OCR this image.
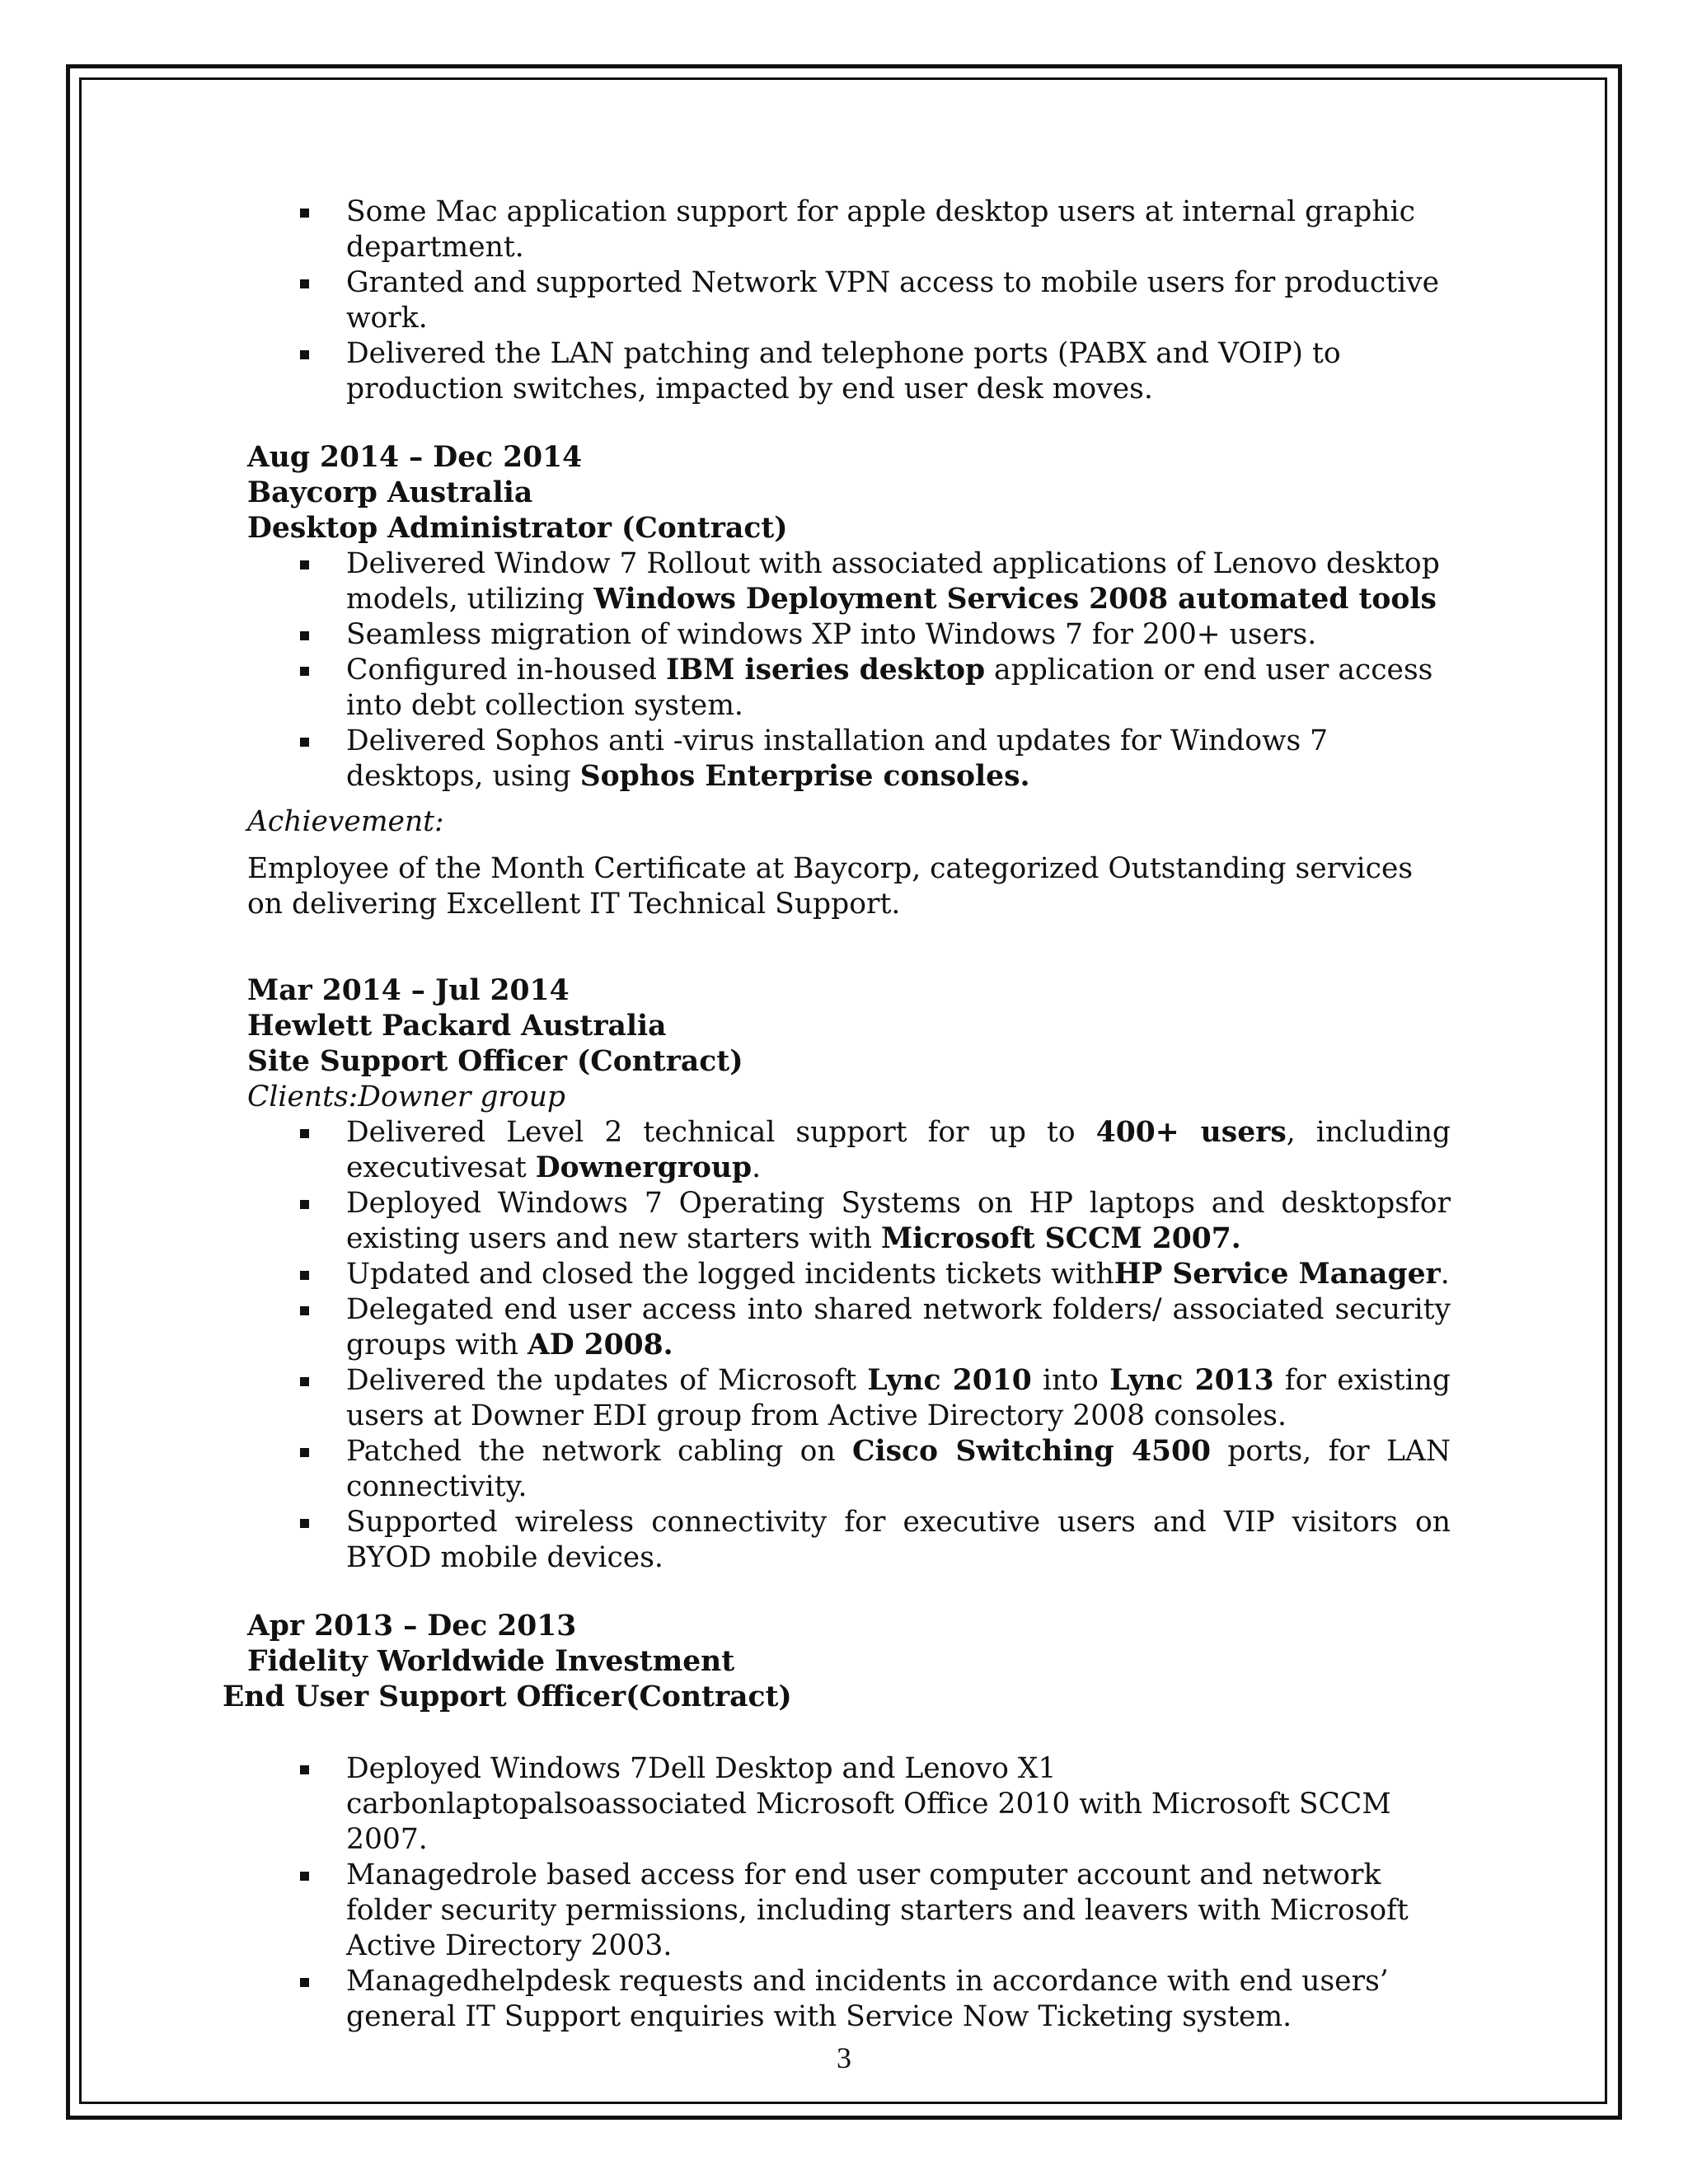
Some Mac application support for apple desktop users at internal graphic department.
Granted and supported Network VPN access to mobile users for productive work.
Delivered the LAN patching and telephone ports (PABX and VOIP) to production switches, impacted by end user desk moves.
Aug 2014 – Dec 2014
Baycorp Australia
Desktop Administrator (Contract)
Delivered Window 7 Rollout with associated applications of Lenovo desktop models, utilizing Windows Deployment Services 2008 automated tools
Seamless migration of windows XP into Windows 7 for 200+ users.
Configured in-housed IBM iseries desktop application or end user access into debt collection system.
Delivered Sophos anti -virus installation and updates for Windows 7 desktops, using Sophos Enterprise consoles.
Achievement:
Employee of the Month Certificate at Baycorp, categorized Outstanding services on delivering Excellent IT Technical Support.
Mar 2014 – Jul 2014
Hewlett Packard Australia
Site Support Officer (Contract)
Clients:Downer group
Delivered Level 2 technical support for up to 400+ users, including executivesat Downergroup.
Deployed Windows 7 Operating Systems on HP laptops and desktopsfor existing users and new starters with Microsoft SCCM 2007.
Updated and closed the logged incidents tickets withHP Service Manager.
Delegated end user access into shared network folders/ associated security groups with AD 2008.
Delivered the updates of Microsoft Lync 2010 into Lync 2013 for existing users at Downer EDI group from Active Directory 2008 consoles.
Patched the network cabling on Cisco Switching 4500 ports, for LAN connectivity.
Supported wireless connectivity for executive users and VIP visitors on BYOD mobile devices.
Apr 2013 – Dec 2013
Fidelity Worldwide Investment
End User Support Officer(Contract)
Deployed Windows 7Dell Desktop and Lenovo X1 carbonlaptopalsoassociated Microsoft Office 2010 with Microsoft SCCM 2007.
Managedrole based access for end user computer account and network folder security permissions, including starters and leavers with Microsoft Active Directory 2003.
Managedhelpdesk requests and incidents in accordance with end users’ general IT Support enquiries with Service Now Ticketing system.
3
